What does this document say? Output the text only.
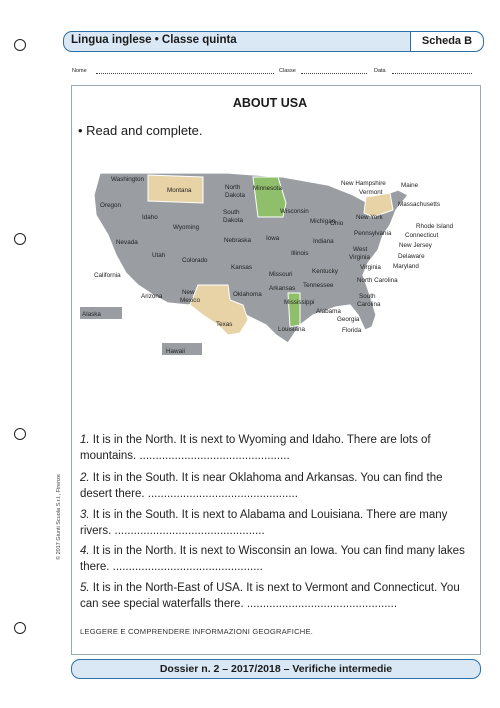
Lingua inglese • Classe quinta	Scheda B
Nome	Classe	Data
ABOUT USA
• Read and complete.
Washington
Oregon
Idaho
Montana
Wyoming
Nevada
California
Utah
Arizona
Colorado
New
Mexico
North
Dakota
South
Dakota
Nebraska
Kansas
Oklahoma
Texas
Minnesota
Iowa
Missouri
Arkansas
Louisiana
Wisconsin
Illinois
Michigan
Indiana
Ohio
Kentucky
Tennessee
Mississippi
Alabama
Georgia
Florida
South
Carolina
North Carolina
Virginia
West
Virginia
Pennsylvania
New York
New Hampshire
Vermont
Maine
Massachusetts
Rhode Island
Connecticut
New Jersey
Delaware
Maryland
Alaska
Hawaii
1. It is in the North. It is next to Wyoming and Idaho. There are lots of mountains. ...............................................
2. It is in the South. It is near Oklahoma and Arkansas. You can find the desert there. ...............................................
3. It is in the South. It is next to Alabama and Louisiana. There are many rivers. ...............................................
4. It is in the North. It is next to Wisconsin an Iowa. You can find many lakes there. ...............................................
5. It is in the North-East of USA. It is next to Vermont and Connecticut. You can see special waterfalls there. ...............................................
LEGGERE E COMPRENDERE INFORMAZIONI GEOGRAFICHE.
© 2017 Giunti Scuola S.r.l., Firenze
Dossier n. 2 – 2017/2018 – Verifiche intermedie
